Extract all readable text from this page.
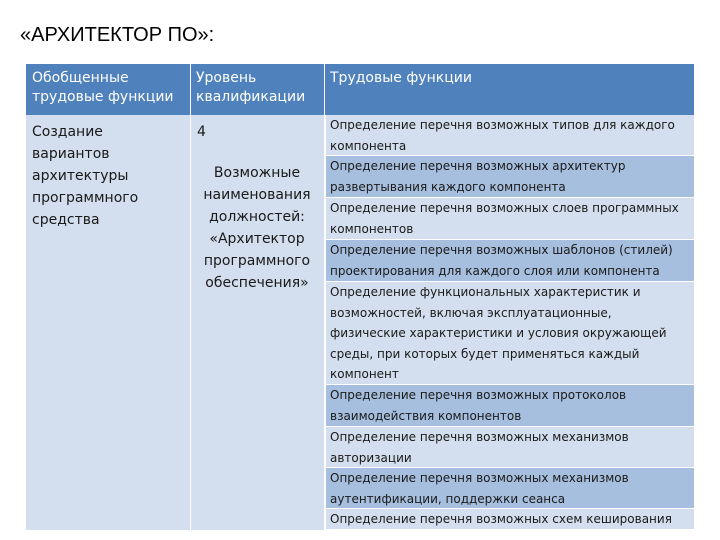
«АРХИТЕКТОР ПО»:
Обобщенные трудовые функции
Уровень квалификации
Трудовые функции
Создание вариантов архитектуры программного средства
4
Возможные наименования должностей: «Архитектор программного обеспечения»
Определение перечня возможных типов для каждого компонента
Определение перечня возможных архитектур развертывания каждого компонента
Определение перечня возможных слоев программных компонентов
Определение перечня возможных шаблонов (стилей) проектирования для каждого слоя или компонента
Определение функциональных характеристик и возможностей, включая эксплуатационные, физические характеристики и условия окружающей среды, при которых будет применяться каждый компонент
Определение перечня возможных протоколов взаимодействия компонентов
Определение перечня возможных механизмов авторизации
Определение перечня возможных механизмов аутентификации, поддержки сеанса
Определение перечня возможных схем кеширования
